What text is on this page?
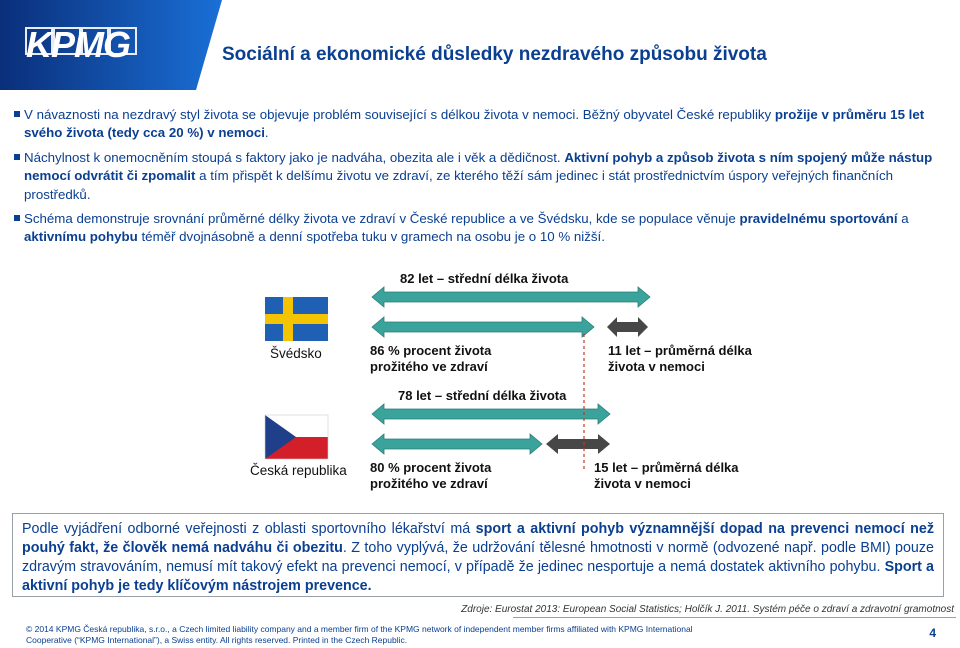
KPMG	Sociální a ekonomické důsledky nezdravého způsobu života
V návaznosti na nezdravý styl života se objevuje problém související s délkou života v nemoci. Běžný obyvatel České republiky prožije v průměru 15 let svého života (tedy cca 20 %) v nemoci.
Náchylnost k onemocněním stoupá s faktory jako je nadváha, obezita ale i věk a dědičnost. Aktivní pohyb a způsob života s ním spojený může nástup nemocí odvrátit či zpomalit a tím přispět k delšímu životu ve zdraví, ze kterého těží sám jedinec i stát prostřednictvím úspory veřejných finančních prostředků.
Schéma demonstruje srovnání průměrné délky života ve zdraví v České republice a ve Švédsku, kde se populace věnuje pravidelnému sportování a aktivnímu pohybu téměř dvojnásobně a denní spotřeba tuku v gramech na osobu je o 10 % nižší.
82 let – střední délka života
Švédsko	86 % procent života prožitého ve zdraví
11 let – průměrná délka života v nemoci
78 let – střední délka života
Česká republika 80 % procent života prožitého ve zdraví
15 let – průměrná délka života v nemoci
Podle vyjádření odborné veřejnosti z oblasti sportovního lékařství má sport a aktivní pohyb významnější dopad na prevenci nemocí než pouhý fakt, že člověk nemá nadváhu či obezitu. Z toho vyplývá, že udržování tělesné hmotnosti v normě (odvozené např. podle BMI) pouze zdravým stravováním, nemusí mít takový efekt na prevenci nemocí, v případě že jedinec nesportuje a nemá dostatek aktivního pohybu. Sport a aktivní pohyb je tedy klíčovým nástrojem prevence.
Zdroje: Eurostat 2013: European Social Statistics; Holčík J. 2011. Systém péče o zdraví a zdravotní gramotnost
© 2014 KPMG Česká republika, s.r.o., a Czech limited liability company and a member firm of the KPMG network of independent member firms affiliated with KPMG International
Cooperative (“KPMG International”), a Swiss entity. All rights reserved. Printed in the Czech Republic.	4
